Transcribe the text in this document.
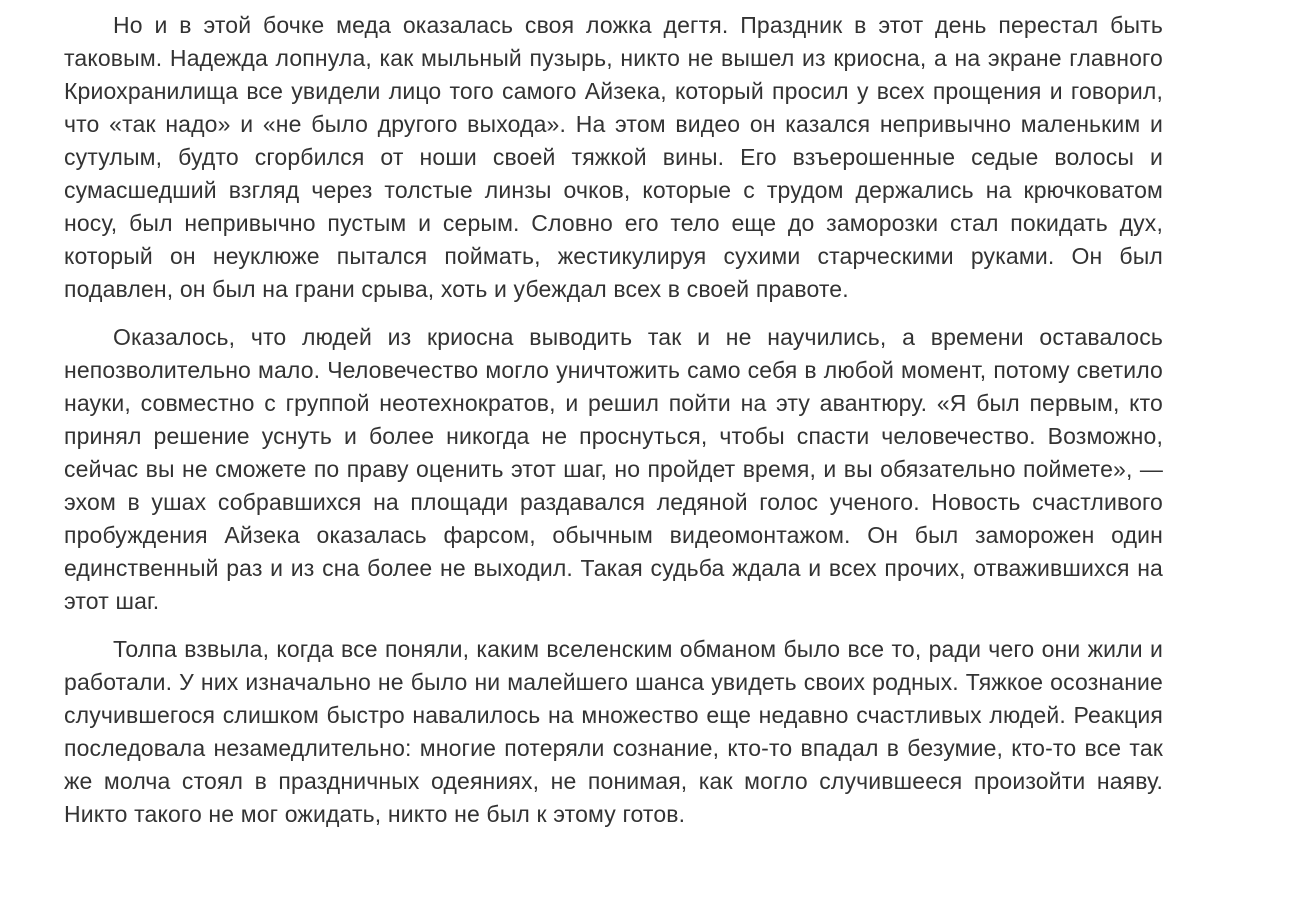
Но и в этой бочке меда оказалась своя ложка дегтя. Праздник в этот день перестал быть таковым. Надежда лопнула, как мыльный пузырь, никто не вышел из криосна, а на экране главного Криохранилища все увидели лицо того самого Айзека, который просил у всех прощения и говорил, что «так надо» и «не было другого выхода». На этом видео он казался непривычно маленьким и сутулым, будто сгорбился от ноши своей тяжкой вины. Его взъерошенные седые волосы и сумасшедший взгляд через толстые линзы очков, которые с трудом держались на крючковатом носу, был непривычно пустым и серым. Словно его тело еще до заморозки стал покидать дух, который он неуклюже пытался поймать, жестикулируя сухими старческими руками. Он был подавлен, он был на грани срыва, хоть и убеждал всех в своей правоте.

Оказалось, что людей из криосна выводить так и не научились, а времени оставалось непозволительно мало. Человечество могло уничтожить само себя в любой момент, потому светило науки, совместно с группой неотехнократов, и решил пойти на эту авантюру. «Я был первым, кто принял решение уснуть и более никогда не проснуться, чтобы спасти человечество. Возможно, сейчас вы не сможете по праву оценить этот шаг, но пройдет время, и вы обязательно поймете», — эхом в ушах собравшихся на площади раздавался ледяной голос ученого. Новость счастливого пробуждения Айзека оказалась фарсом, обычным видеомонтажом. Он был заморожен один единственный раз и из сна более не выходил. Такая судьба ждала и всех прочих, отважившихся на этот шаг.

Толпа взвыла, когда все поняли, каким вселенским обманом было все то, ради чего они жили и работали. У них изначально не было ни малейшего шанса увидеть своих родных. Тяжкое осознание случившегося слишком быстро навалилось на множество еще недавно счастливых людей. Реакция последовала незамедлительно: многие потеряли сознание, кто-то впадал в безумие, кто-то все так же молча стоял в праздничных одеяниях, не понимая, как могло случившееся произойти наяву. Никто такого не мог ожидать, никто не был к этому готов.
